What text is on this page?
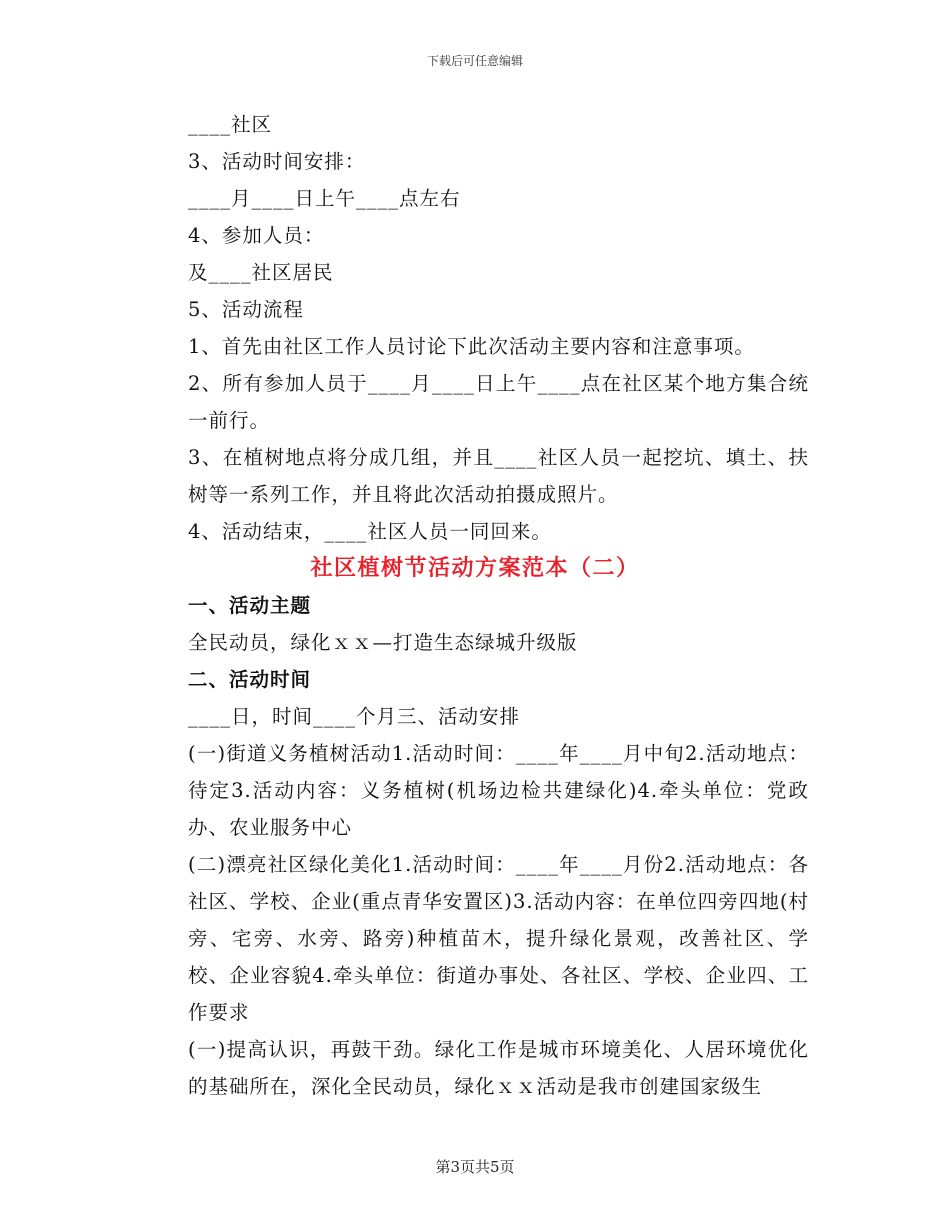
下载后可任意编辑
____社区
3、活动时间安排：
____月____日上午____点左右
4、参加人员：
及____社区居民
5、活动流程
1、首先由社区工作人员讨论下此次活动主要内容和注意事项。
2、所有参加人员于____月____日上午____点在社区某个地方集合统一前行。
3、在植树地点将分成几组，并且____社区人员一起挖坑、填土、扶树等一系列工作，并且将此次活动拍摄成照片。
4、活动结束，____社区人员一同回来。
社区植树节活动方案范本（二）
一、活动主题
全民动员，绿化ｘｘ—打造生态绿城升级版
二、活动时间
____日，时间____个月三、活动安排
(一)街道义务植树活动1.活动时间：____年____月中旬2.活动地点：待定3.活动内容：义务植树(机场边检共建绿化)4.牵头单位：党政办、农业服务中心
(二)漂亮社区绿化美化1.活动时间：____年____月份2.活动地点：各社区、学校、企业(重点青华安置区)3.活动内容：在单位四旁四地(村旁、宅旁、水旁、路旁)种植苗木，提升绿化景观，改善社区、学校、企业容貌4.牵头单位：街道办事处、各社区、学校、企业四、工作要求
(一)提高认识，再鼓干劲。绿化工作是城市环境美化、人居环境优化的基础所在，深化全民动员，绿化ｘｘ活动是我市创建国家级生
第3页共5页
